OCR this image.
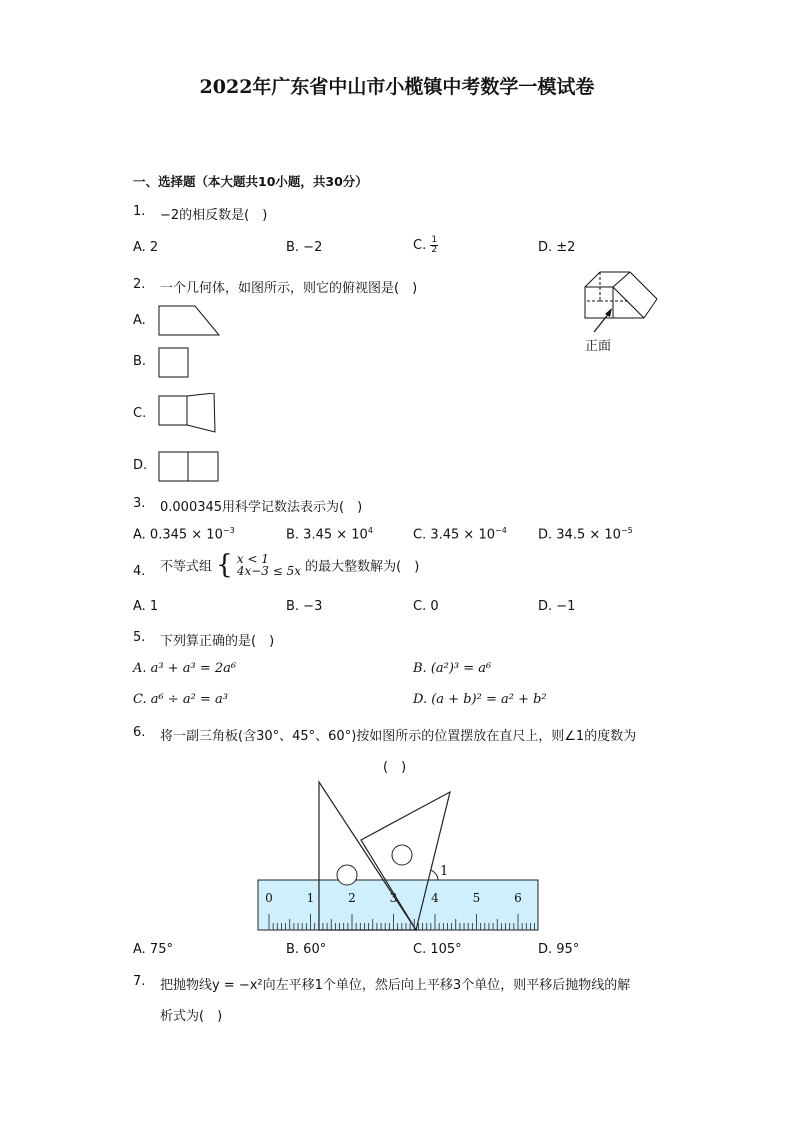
2022年广东省中山市小榄镇中考数学一模试卷
一、选择题（本大题共10小题，共30分）
1. −2的相反数是(　)
A. 2	B. −2	C. $\frac{1}{2}$	D. ±2
2. 一个几何体，如图所示，则它的俯视图是(　)
正面
A.
B.
C.
D.
3. 0.000345用科学记数法表示为(　)
A. $0.345 \times 10^{-3}$	B. $3.45 \times 10^4$	C. $3.45 \times 10^{-4}$ D. $34.5 \times 10^{-5}$
4. 不等式组 { x < 1
4x−3 ≤ 5x 的最大整数解为(　)
A. 1	B. −3	C. 0	D. −1
5. 下列算正确的是(　)
A. a³ + a³ = 2a⁶	B. (a²)³ = a⁶
C. a⁶ ÷ a² = a³	D. (a + b)² = a² + b²
6. 将一副三角板(含30°、45°、60°)按如图所示的位置摆放在直尺上，则∠1的度数为
(　)
0	1	2	3	4	5	6
1
A. 75°	B. 60°	C. 105°	D. 95°
7. 把抛物线y = −x²向左平移1个单位，然后向上平移3个单位，则平移后抛物线的解
析式为(　)
